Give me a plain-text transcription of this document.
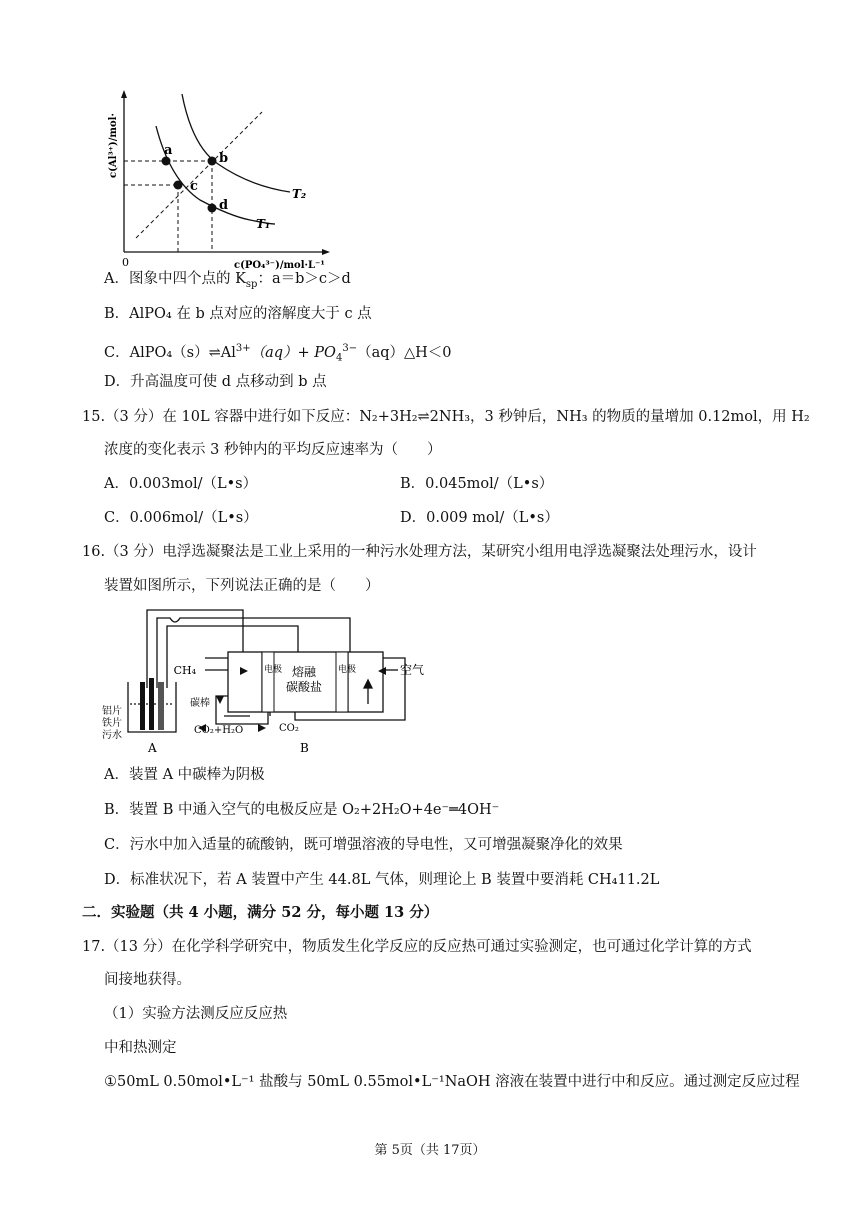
a
b
c
d
T₂
T₁
0	c(PO₄³⁻)/mol·L⁻¹
c(Al³⁺)/mol·
A．图象中四个点的 $K_{sp}$：a＝b＞c＞d
B．AlPO₄ 在 b 点对应的溶解度大于 c 点
C．$AlPO_4(s)\rightleftharpoons Al^{3+}(aq)+$ $PO_4^{3-}(aq)\triangle H<0$
D．升高温度可使 d 点移动到 b 点
15.（3 分）在 10L 容器中进行如下反应：N₂+3H₂⇌2NH₃，3 秒钟后，NH₃ 的物质的量增加 0.12mol，用 H₂
浓度的变化表示 3 秒钟内的平均反应速率为（　　）
A．0.003mol/（L•s）	B．0.045mol/（L•s）
C．0.006mol/（L•s）	D．0.009 mol/（L•s）
16.（3 分）电浮选凝聚法是工业上采用的一种污水处理方法，某研究小组用电浮选凝聚法处理污水，设计
装置如图所示，下列说法正确的是（　　）
CH₄	空气
电极	电极
熔融
碳酸盐
碳棒
铝片
铁片
污水	CO₂+H₂O	CO₂
A	B
A．装置 A 中碳棒为阴极
B．装置 B 中通入空气的电极反应是 O₂+2H₂O+4e⁻═4OH⁻
C．污水中加入适量的硫酸钠，既可增强溶液的导电性，又可增强凝聚净化的效果
D．标准状况下，若 A 装置中产生 44.8L 气体，则理论上 B 装置中要消耗 CH₄11.2L
二．实验题（共 4 小题，满分 52 分，每小题 13 分）
17.（13 分）在化学科学研究中，物质发生化学反应的反应热可通过实验测定，也可通过化学计算的方式
间接地获得。
（1）实验方法测反应反应热
中和热测定
①50mL 0.50mol•L⁻¹ 盐酸与 50mL 0.55mol•L⁻¹NaOH 溶液在装置中进行中和反应。通过测定反应过程
第 5页（共 17页）
